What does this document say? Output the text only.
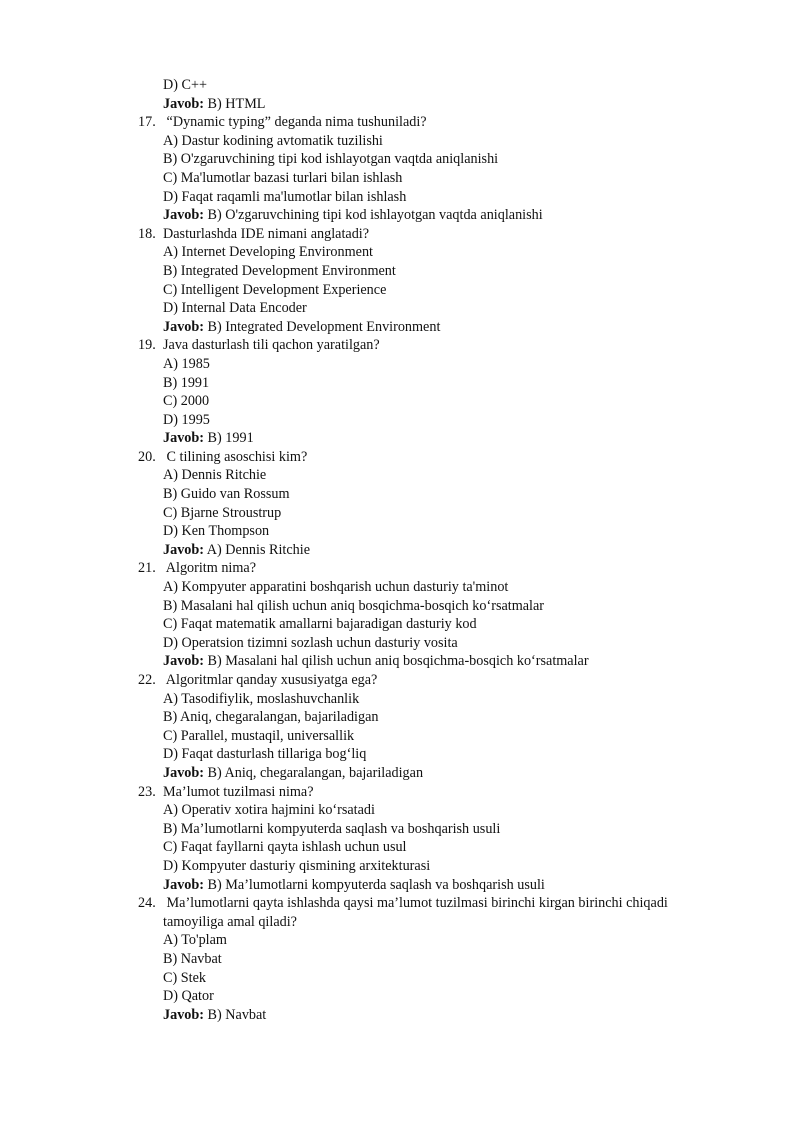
D) C++
Javob: B) HTML
17. “Dynamic typing” deganda nima tushuniladi?
A) Dastur kodining avtomatik tuzilishi
B) O'zgaruvchining tipi kod ishlayotgan vaqtda aniqlanishi
C) Ma'lumotlar bazasi turlari bilan ishlash
D) Faqat raqamli ma'lumotlar bilan ishlash
Javob: B) O'zgaruvchining tipi kod ishlayotgan vaqtda aniqlanishi
18. Dasturlashda IDE nimani anglatadi?
A) Internet Developing Environment
B) Integrated Development Environment
C) Intelligent Development Experience
D) Internal Data Encoder
Javob: B) Integrated Development Environment
19. Java dasturlash tili qachon yaratilgan?
A) 1985
B) 1991
C) 2000
D) 1995
Javob: B) 1991
20. C tilining asoschisi kim?
A) Dennis Ritchie
B) Guido van Rossum
C) Bjarne Stroustrup
D) Ken Thompson
Javob: A) Dennis Ritchie
21. Algoritm nima?
A) Kompyuter apparatini boshqarish uchun dasturiy ta'minot
B) Masalani hal qilish uchun aniq bosqichma-bosqich ko‘rsatmalar
C) Faqat matematik amallarni bajaradigan dasturiy kod
D) Operatsion tizimni sozlash uchun dasturiy vosita
Javob: B) Masalani hal qilish uchun aniq bosqichma-bosqich ko‘rsatmalar
22. Algoritmlar qanday xususiyatga ega?
A) Tasodifiylik, moslashuvchanlik
B) Aniq, chegaralangan, bajariladigan
C) Parallel, mustaqil, universallik
D) Faqat dasturlash tillariga bog‘liq
Javob: B) Aniq, chegaralangan, bajariladigan
23. Ma’lumot tuzilmasi nima?
A) Operativ xotira hajmini ko‘rsatadi
B) Ma’lumotlarni kompyuterda saqlash va boshqarish usuli
C) Faqat fayllarni qayta ishlash uchun usul
D) Kompyuter dasturiy qismining arxitekturasi
Javob: B) Ma’lumotlarni kompyuterda saqlash va boshqarish usuli
24. Ma’lumotlarni qayta ishlashda qaysi ma’lumot tuzilmasi birinchi kirgan birinchi chiqadi
tamoyiliga amal qiladi?
A) To'plam
B) Navbat
C) Stek
D) Qator
Javob: B) Navbat
